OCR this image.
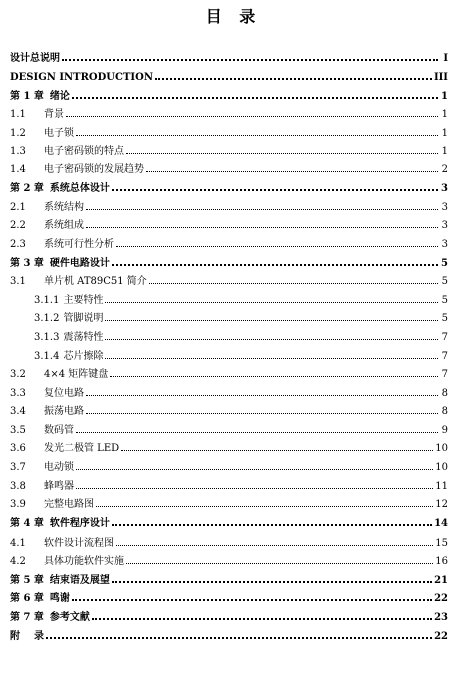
目 录
设计总说明	I
DESIGN INTRODUCTION	III
第 1 章 绪论	1
1.1 背景	1
1.2 电子锁	1
1.3 电子密码锁的特点	1
1.4 电子密码锁的发展趋势	2
第 2 章 系统总体设计	3
2.1 系统结构	3
2.2 系统组成	3
2.3 系统可行性分析	3
第 3 章 硬件电路设计	5
3.1 单片机 AT89C51 简介	5
3.1.1 主要特性	5
3.1.2 管脚说明	5
3.1.3 震荡特性	7
3.1.4 芯片擦除	7
3.2 4×4 矩阵键盘	7
3.3 复位电路	8
3.4 振荡电路	8
3.5 数码管	9
3.6 发光二极管 LED	10
3.7 电动锁	10
3.8 蜂鸣器	11
3.9 完整电路图	12
第 4 章 软件程序设计	14
4.1 软件设计流程图	15
4.2 具体功能软件实施	16
第 5 章 结束语及展望	21
第 6 章 鸣谢	22
第 7 章 参考文献	23
附 录	22
